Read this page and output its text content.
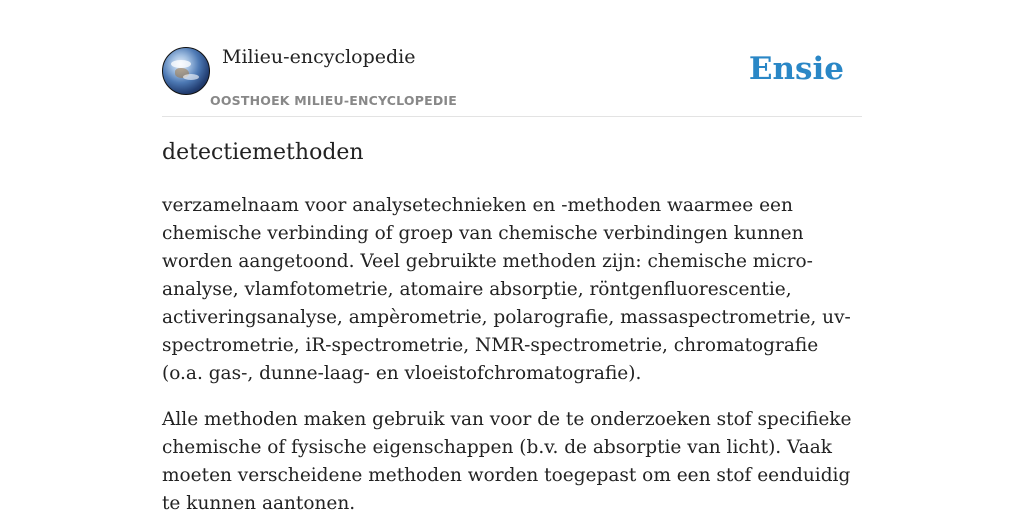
Milieu-encyclopedie
OOSTHOEK MILIEU-ENCYCLOPEDIE
Ensie
detectiemethoden

verzamelnaam voor analysetechnieken en -methoden waarmee een chemische verbinding of groep van chemische verbindingen kunnen worden aangetoond. Veel gebruikte methoden zijn: chemische micro-analyse, vlamfotometrie, atomaire absorptie, röntgenfluorescentie, activeringsanalyse, ampèrometrie, polarografie, massaspectrometrie, uv-spectrometrie, iR-spectrometrie, NMR-spectrometrie, chromatografie (o.a. gas-, dunne-laag- en vloeistofchromatografie).

Alle methoden maken gebruik van voor de te onderzoeken stof specifieke chemische of fysische eigenschappen (b.v. de absorptie van licht). Vaak moeten verscheidene methoden worden toegepast om een stof eenduidig te kunnen aantonen.
